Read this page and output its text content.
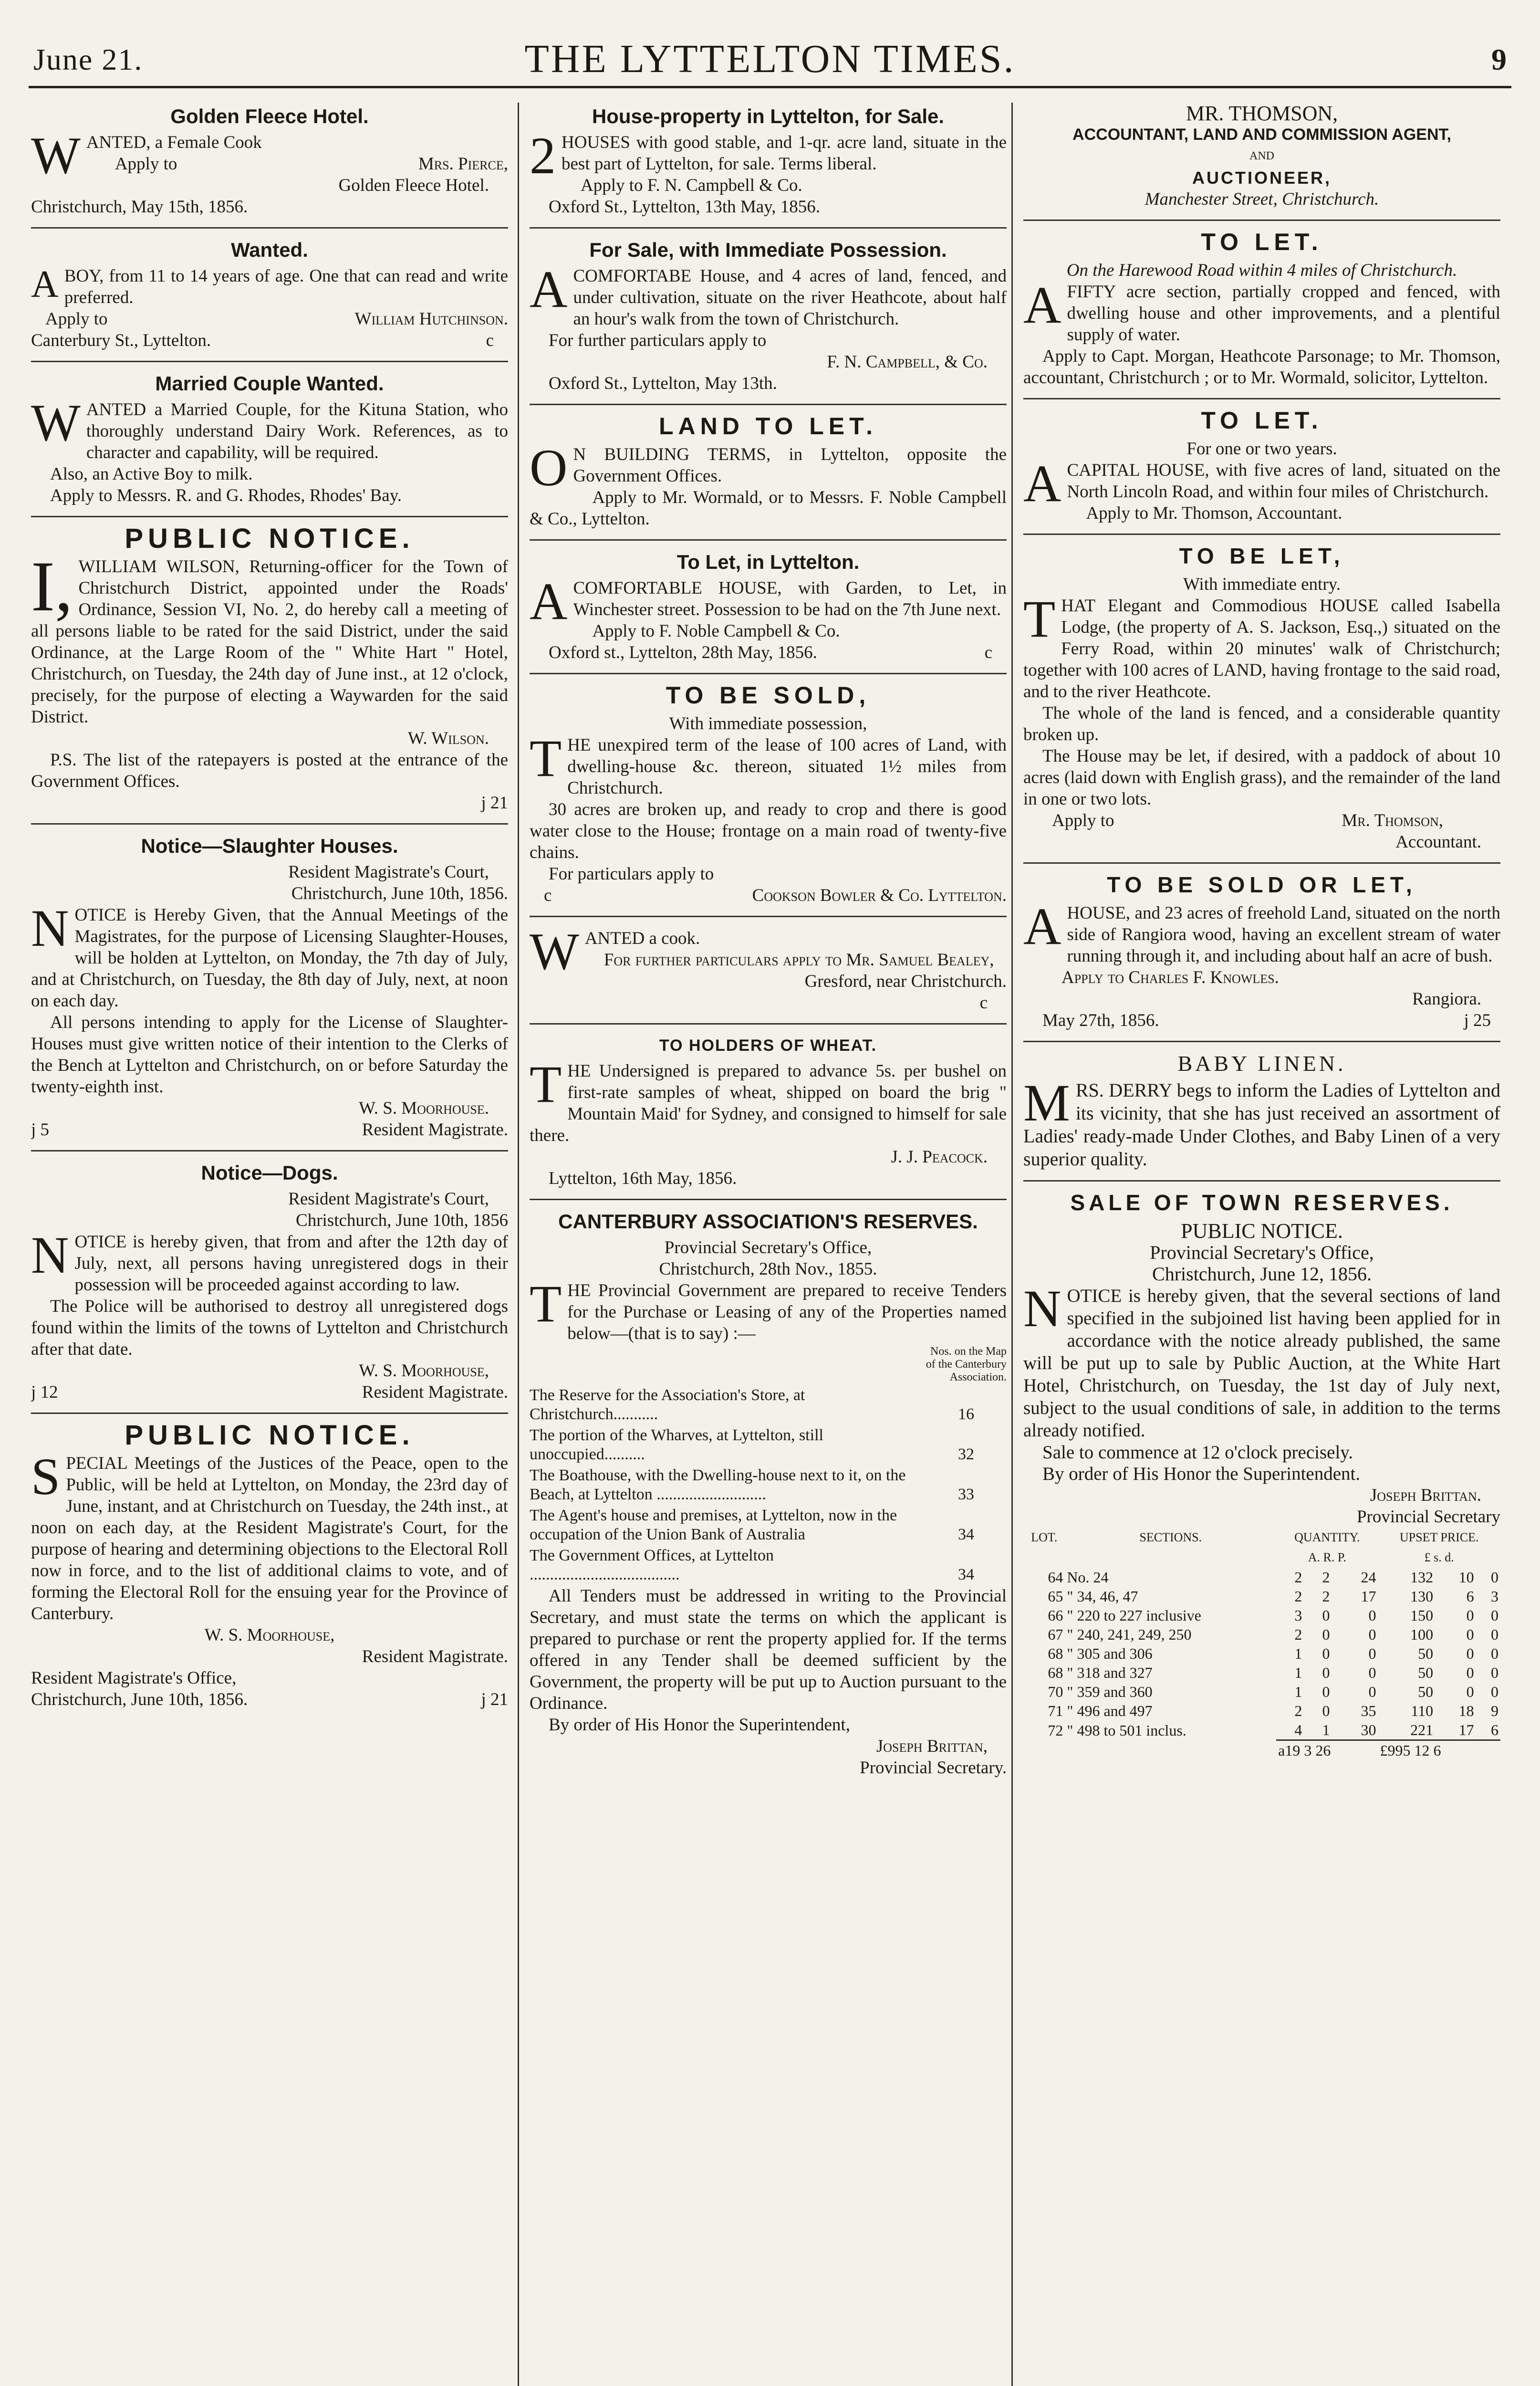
June 21.	THE LYTTELTON TIMES.	9
Golden Fleece Hotel.

WANTED, a Female Cook

Apply to	Mrs. Pierce,
Golden Fleece Hotel.
Christchurch, May 15th, 1856.
Wanted.

ABOY, from 11 to 14 years of age. One that can read and write preferred.

Apply to	William Hutchinson.
Canterbury St., Lyttelton.	c
Married Couple Wanted.

WANTED a Married Couple, for the Kituna Station, who thoroughly understand Dairy Work. References, as to character and capability, will be required.

Also, an Active Boy to milk.

Apply to Messrs. R. and G. Rhodes, Rhodes' Bay.

PUBLIC NOTICE.

I, WILLIAM WILSON, Returning-officer for the Town of Christchurch District, appointed under the Roads' Ordinance, Session VI, No. 2, do hereby call a meeting of all persons liable to be rated for the said District, under the said Ordinance, at the Large Room of the " White Hart " Hotel, Christchurch, on Tuesday, the 24th day of June inst., at 12 o'clock, precisely, for the purpose of electing a Waywarden for the said District.

W. Wilson.

P.S. The list of the ratepayers is posted at the entrance of the Government Offices.

j 21
Notice—Slaughter Houses.
Resident Magistrate's Court,
Christchurch, June 10th, 1856.

NOTICE is Hereby Given, that the Annual Meetings of the Magistrates, for the purpose of Licensing Slaughter-Houses, will be holden at Lyttelton, on Monday, the 7th day of July, and at Christchurch, on Tuesday, the 8th day of July, next, at noon on each day.

All persons intending to apply for the License of Slaughter-Houses must give written notice of their intention to the Clerks of the Bench at Lyttelton and Christchurch, on or before Saturday the twenty-eighth inst.

W. S. Moorhouse.
j 5	Resident Magistrate.
Notice—Dogs.
Resident Magistrate's Court,
Christchurch, June 10th, 1856

NOTICE is hereby given, that from and after the 12th day of July, next, all persons having unregistered dogs in their possession will be proceeded against according to law.

The Police will be authorised to destroy all unregistered dogs found within the limits of the towns of Lyttelton and Christchurch after that date.

W. S. Moorhouse,
j 12	Resident Magistrate.
PUBLIC NOTICE.

SPECIAL Meetings of the Justices of the Peace, open to the Public, will be held at Lyttelton, on Monday, the 23rd day of June, instant, and at Christchurch on Tuesday, the 24th inst., at noon on each day, at the Resident Magistrate's Court, for the purpose of hearing and determining objections to the Electoral Roll now in force, and to the list of additional claims to vote, and of forming the Electoral Roll for the ensuing year for the Province of Canterbury.

W. S. Moorhouse,
Resident Magistrate.
Resident Magistrate's Office,
Christchurch, June 10th, 1856.	j 21
House-property in Lyttelton, for Sale.

2 HOUSES with good stable, and 1-qr. acre land, situate in the best part of Lyttelton, for sale. Terms liberal.

Apply to F. N. Campbell & Co.

Oxford St., Lyttelton, 13th May, 1856.

For Sale, with Immediate Possession.

ACOMFORTABE House, and 4 acres of land, fenced, and under cultivation, situate on the river Heathcote, about half an hour's walk from the town of Christchurch.

For further particulars apply to

F. N. Campbell, & Co.

Oxford St., Lyttelton, May 13th.

LAND TO LET.

O N BUILDING TERMS, in Lyttelton, opposite the Government Offices.

Apply to Mr. Wormald, or to Messrs. F. Noble Campbell & Co., Lyttelton.

To Let, in Lyttelton.

ACOMFORTABLE HOUSE, with Garden, to Let, in Winchester street. Possession to be had on the 7th June next.

Apply to F. Noble Campbell & Co.

Oxford st., Lyttelton, 28th May, 1856.	c
TO BE SOLD,
With immediate possession,

THE unexpired term of the lease of 100 acres of Land, with dwelling-house &c. thereon, situated 1½ miles from Christchurch.

30 acres are broken up, and ready to crop and there is good water close to the House; frontage on a main road of twenty-five chains.

For particulars apply to

c	Cookson Bowler & Co. Lyttelton.

WANTED a cook.

For further particulars apply to Mr. Samuel Bealey,

Gresford, near Christchurch.
c
TO HOLDERS OF WHEAT.

THE Undersigned is prepared to advance 5s. per bushel on first-rate samples of wheat, shipped on board the brig " Mountain Maid' for Sydney, and consigned to himself for sale there.

J. J. Peacock.

Lyttelton, 16th May, 1856.

CANTERBURY ASSOCIATION'S RESERVES.
Provincial Secretary's Office,
Christchurch, 28th Nov., 1855.

THE Provincial Government are prepared to receive Tenders for the Purchase or Leasing of any of the Properties named below—(that is to say) :—

	Nos. on the Map of the Canterbury Association.

The Reserve for the Association's Store, at Christchurch...........	16
The portion of the Wharves, at Lyttelton, still unoccupied..........	32
The Boathouse, with the Dwelling-house next to it, on the Beach, at Lyttelton ...........................	33
The Agent's house and premises, at Lyttelton, now in the occupation of the Union Bank of Australia	34
The Government Offices, at Lyttelton .....................................	34

All Tenders must be addressed in writing to the Provincial Secretary, and must state the terms on which the applicant is prepared to purchase or rent the property applied for. If the terms offered in any Tender shall be deemed sufficient by the Government, the property will be put up to Auction pursuant to the Ordinance.

By order of His Honor the Superintendent,

Joseph Brittan,
Provincial Secretary.
MR. THOMSON,
ACCOUNTANT, LAND AND COMMISSION AGENT,
AND
AUCTIONEER,
Manchester Street, Christchurch.
TO LET.
On the Harewood Road within 4 miles of Christchurch.

AFIFTY acre section, partially cropped and fenced, with dwelling house and other improvements, and a plentiful supply of water.

Apply to Capt. Morgan, Heathcote Parsonage; to Mr. Thomson, accountant, Christchurch ; or to Mr. Wormald, solicitor, Lyttelton.

TO LET.
For one or two years.

ACAPITAL HOUSE, with five acres of land, situated on the North Lincoln Road, and within four miles of Christchurch.

Apply to Mr. Thomson, Accountant.

TO BE LET,
With immediate entry.

THAT Elegant and Commodious HOUSE called Isabella Lodge, (the property of A. S. Jackson, Esq.,) situated on the Ferry Road, within 20 minutes' walk of Christchurch; together with 100 acres of LAND, having frontage to the said road, and to the river Heathcote.

The whole of the land is fenced, and a considerable quantity broken up.

The House may be let, if desired, with a paddock of about 10 acres (laid down with English grass), and the remainder of the land in one or two lots.

Apply to	Mr. Thomson,
Accountant.
TO BE SOLD OR LET,

AHOUSE, and 23 acres of freehold Land, situated on the north side of Rangiora wood, having an excellent stream of water running through it, and including about half an acre of bush.

Apply to Charles F. Knowles.

Rangiora.
May 27th, 1856.	j 25
BABY LINEN.

MRS. DERRY begs to inform the Ladies of Lyttelton and its vicinity, that she has just received an assortment of Ladies' ready-made Under Clothes, and Baby Linen of a very superior quality.

SALE OF TOWN RESERVES.
PUBLIC NOTICE.
Provincial Secretary's Office,
Christchurch, June 12, 1856.

NOTICE is hereby given, that the several sections of land specified in the subjoined list having been applied for in accordance with the notice already published, the same will be put up to sale by Public Auction, at the White Hart Hotel, Christchurch, on Tuesday, the 1st day of July next, subject to the usual conditions of sale, in addition to the terms already notified.

Sale to commence at 12 o'clock precisely.

By order of His Honor the Superintendent.

Joseph Brittan.
Provincial Secretary
LOT.	SECTIONS.	QUANTITY.			UPSET PRICE.		
		A. R. P.			£ s. d.		
64	No. 24	2	2	24	132	10	0
65	" 34, 46, 47	2	2	17	130	6	3
66	" 220 to 227 inclusive	3	0	0	150	0	0
67	" 240, 241, 249, 250	2	0	0	100	0	0
68	" 305 and 306	1	0	0	50	0	0
68	" 318 and 327	1	0	0	50	0	0
70	" 359 and 360	1	0	0	50	0	0
71	" 496 and 497	2	0	35	110	18	9
72	" 498 to 501 inclus.	4	1	30	221	17	6
		a19 3 26			£995 12 6		
